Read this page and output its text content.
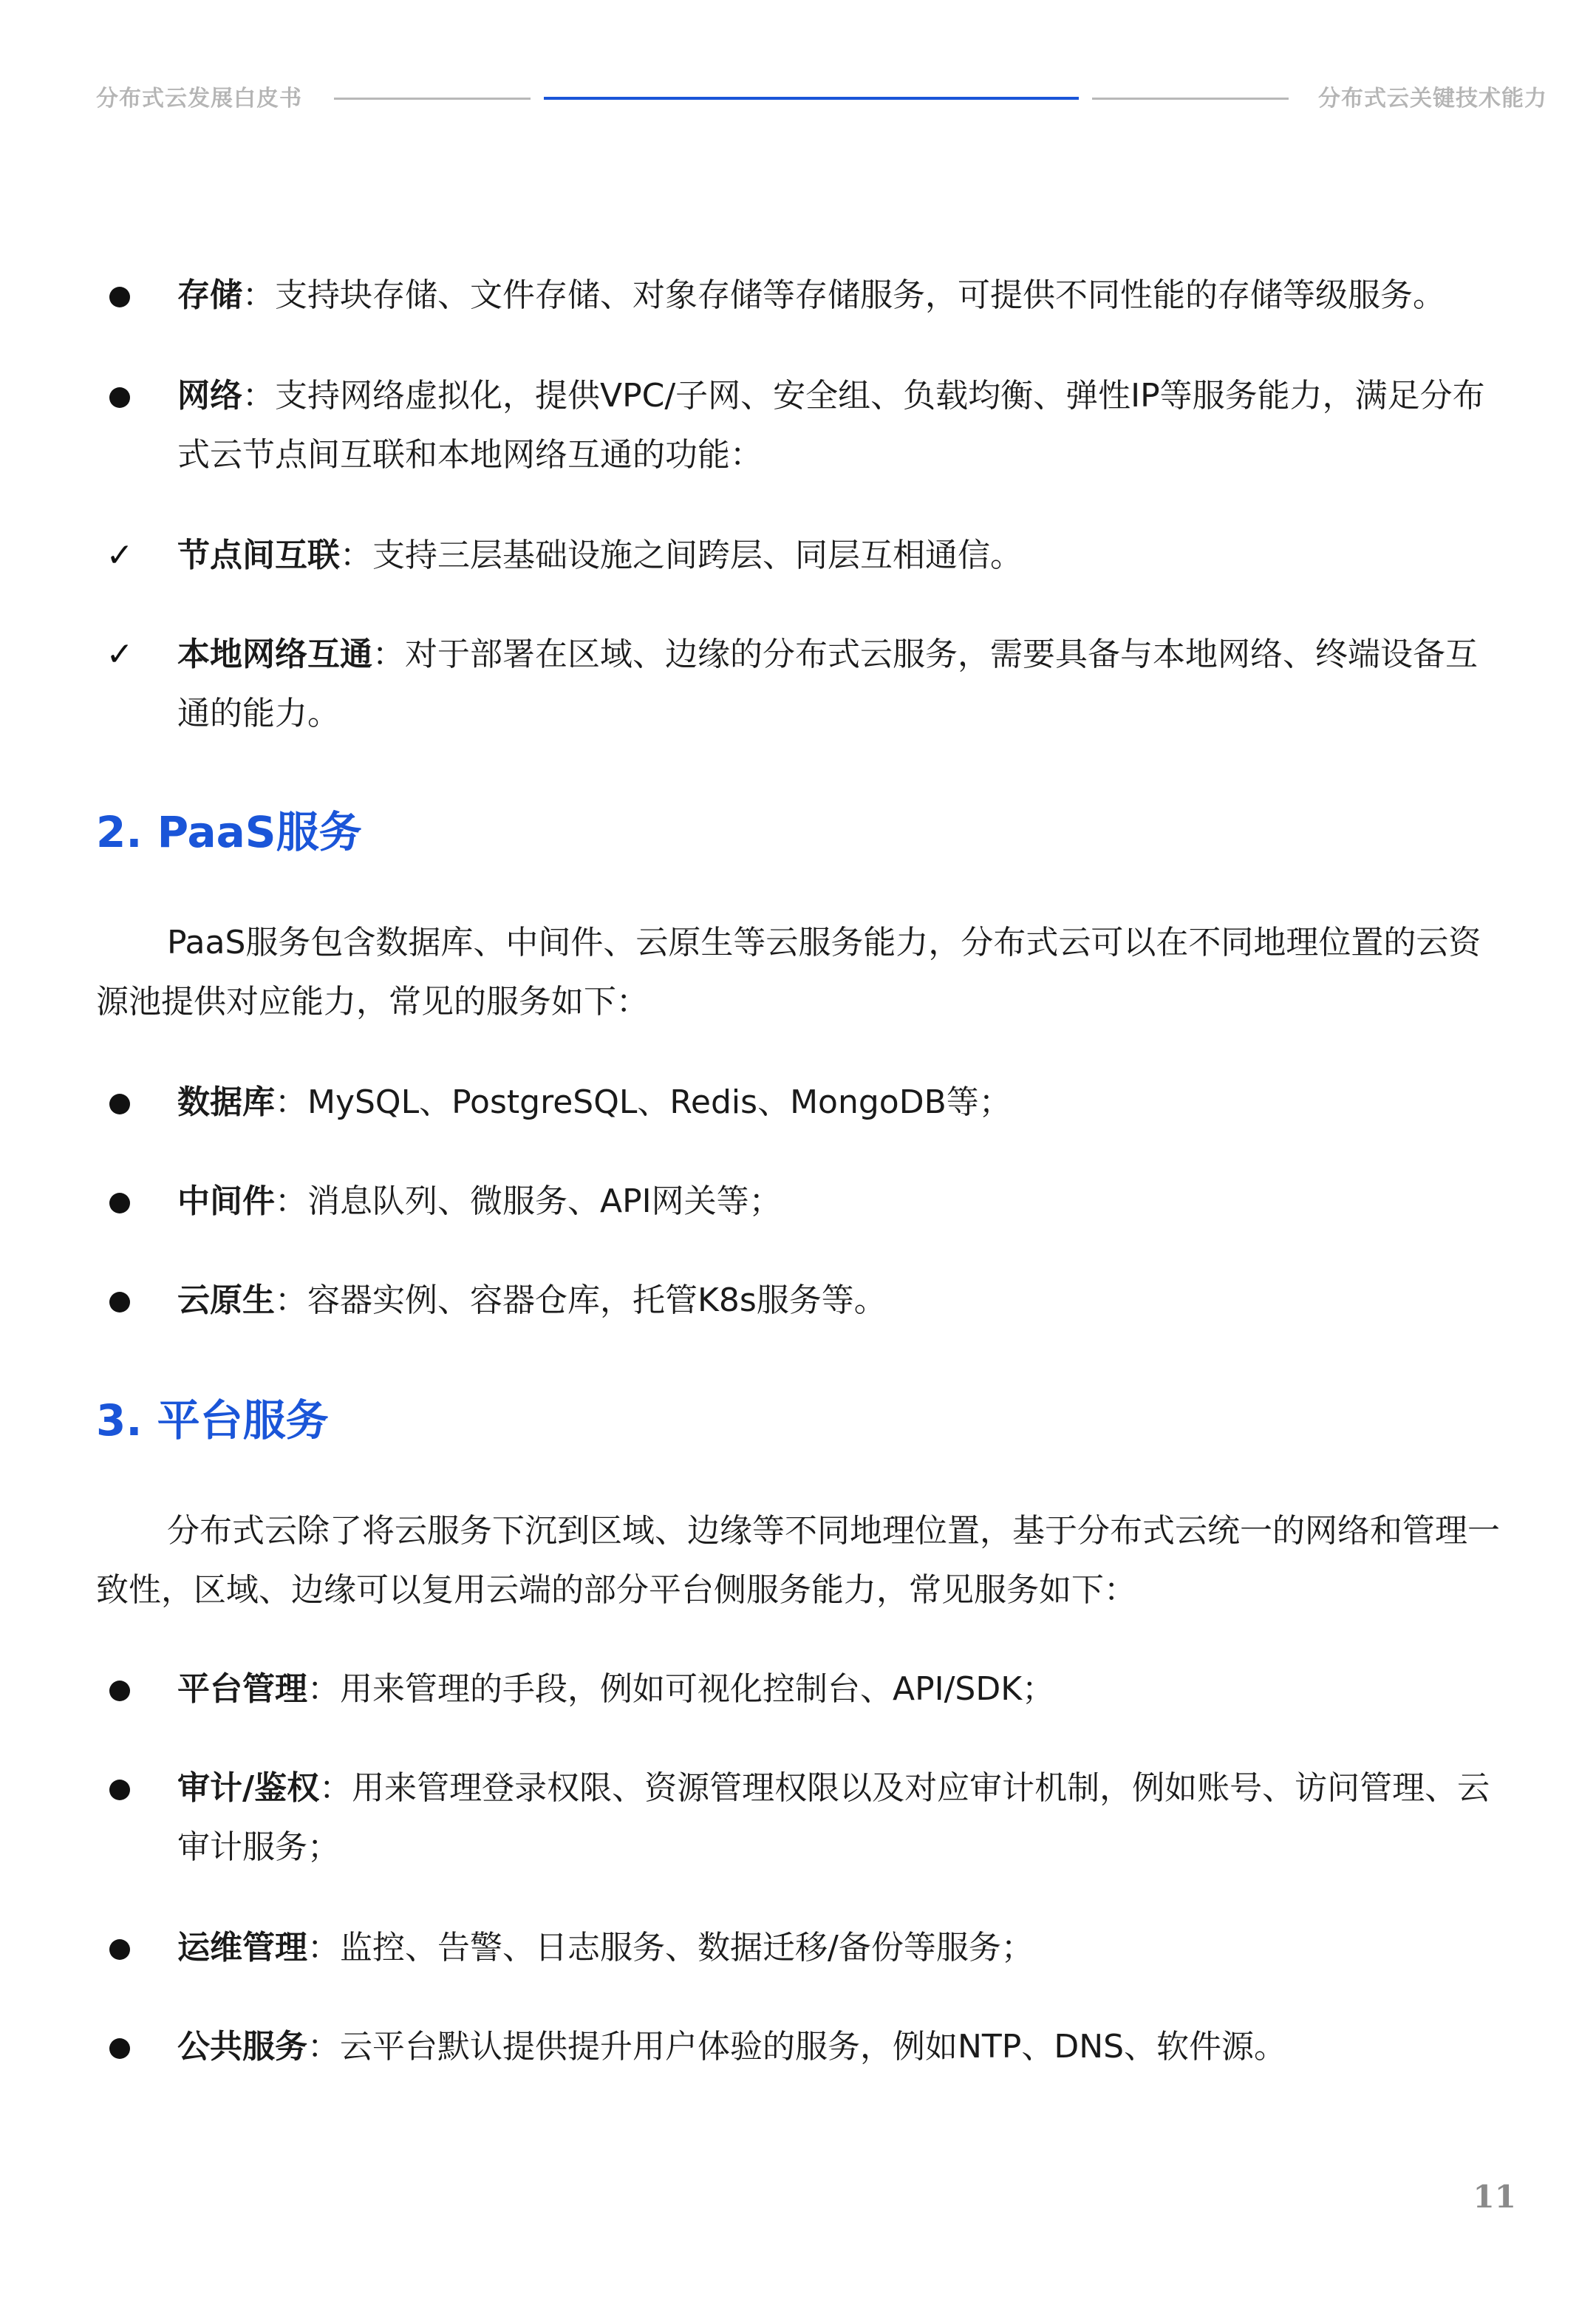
分布式云发展白皮书	分布式云关键技术能力
存储：支持块存储、文件存储、对象存储等存储服务，可提供不同性能的存储等级服务。
网络：支持网络虚拟化，提供VPC/子网、安全组、负载均衡、弹性IP等服务能力，满足分布式云节点间互联和本地网络互通的功能：
✓ 节点间互联：支持三层基础设施之间跨层、同层互相通信。
✓ 本地网络互通：对于部署在区域、边缘的分布式云服务，需要具备与本地网络、终端设备互通的能力。
2. PaaS服务
PaaS服务包含数据库、中间件、云原生等云服务能力，分布式云可以在不同地理位置的云资源池提供对应能力，常见的服务如下：
数据库：MySQL、PostgreSQL、Redis、MongoDB等；
中间件：消息队列、微服务、API网关等；
云原生：容器实例、容器仓库，托管K8s服务等。
3. 平台服务
分布式云除了将云服务下沉到区域、边缘等不同地理位置，基于分布式云统一的网络和管理一致性，区域、边缘可以复用云端的部分平台侧服务能力，常见服务如下：
平台管理：用来管理的手段，例如可视化控制台、API/SDK；
审计/鉴权：用来管理登录权限、资源管理权限以及对应审计机制，例如账号、访问管理、云审计服务；
运维管理：监控、告警、日志服务、数据迁移/备份等服务；
公共服务：云平台默认提供提升用户体验的服务，例如NTP、DNS、软件源。
11
